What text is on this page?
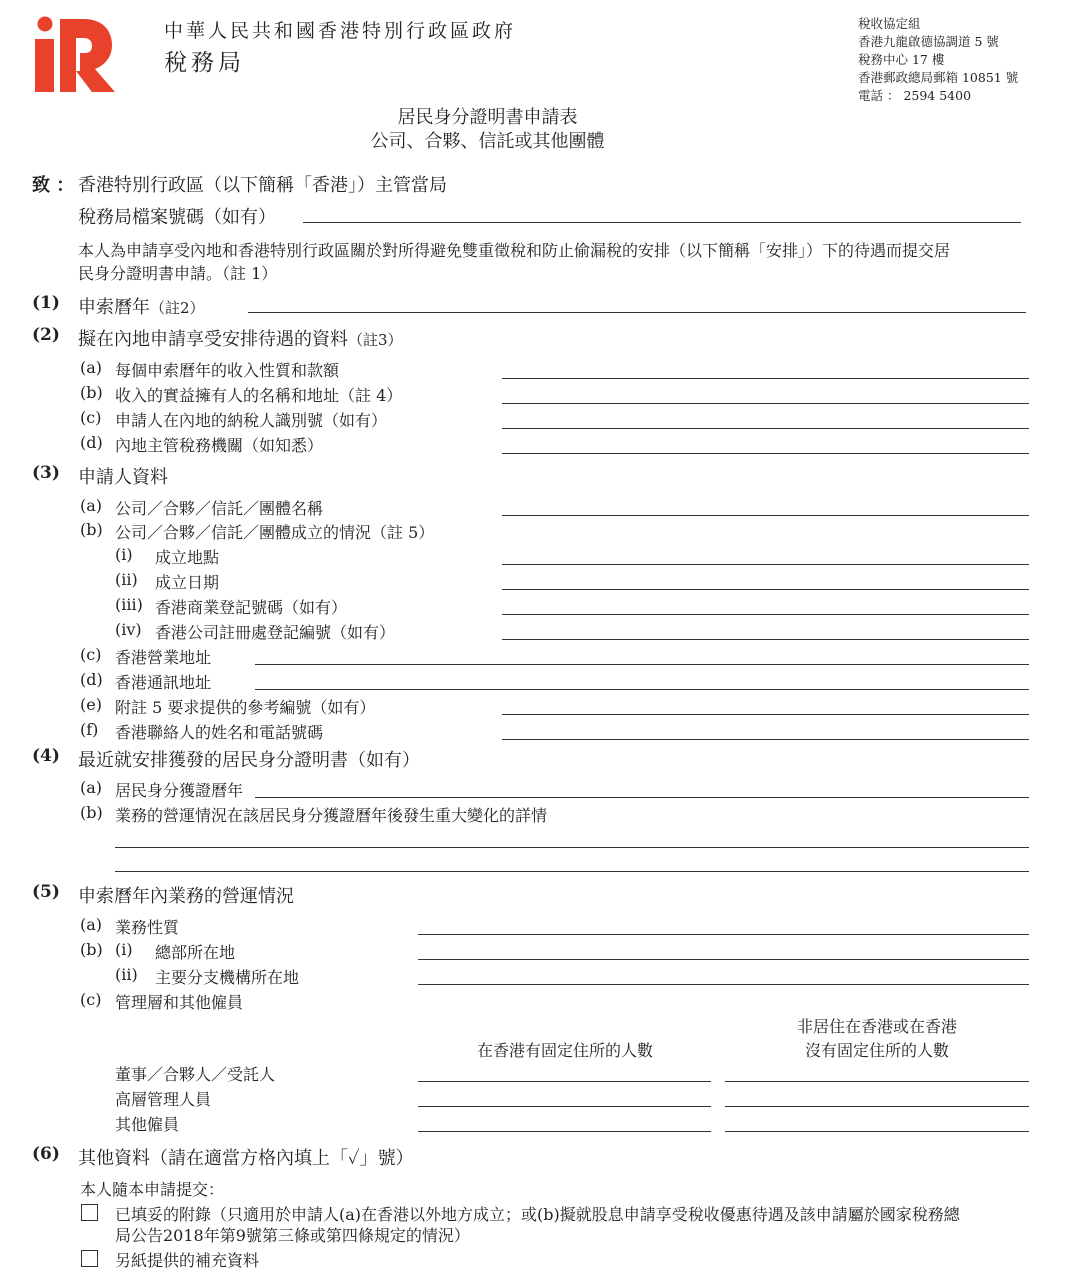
中華人民共和國香港特別行政區政府
稅務局
稅收協定組
香港九龍啟德協調道 5 號
稅務中心 17 樓
香港郵政總局郵箱 10851 號
電話 ： 2594 5400
居民身分證明書申請表
公司、合夥、信託或其他團體
致 ： 香港特別行政區（以下簡稱「香港」）主管當局
稅務局檔案號碼（如有）
本人為申請享受內地和香港特別行政區關於對所得避免雙重徵稅和防止偷漏稅的安排（以下簡稱「安排」）下的待遇而提交居
民身分證明書申請。（註 1）
(1) 申索曆年（註2）
(2) 擬在內地申請享受安排待遇的資料（註3）
(a) 每個申索曆年的收入性質和款額
(b) 收入的實益擁有人的名稱和地址（註 4）
(c) 申請人在內地的納稅人識別號（如有）
(d) 內地主管稅務機關（如知悉）
(3) 申請人資料
(a) 公司／合夥／信託／團體名稱
(b) 公司／合夥／信託／團體成立的情況（註 5）
(i) 成立地點
(ii) 成立日期
(iii) 香港商業登記號碼（如有）
(iv) 香港公司註冊處登記編號（如有）
(c) 香港營業地址
(d) 香港通訊地址
(e) 附註 5 要求提供的參考編號（如有）
(f) 香港聯絡人的姓名和電話號碼
(4) 最近就安排獲發的居民身分證明書（如有）
(a) 居民身分獲證曆年
(b) 業務的營運情況在該居民身分獲證曆年後發生重大變化的詳情
(5) 申索曆年內業務的營運情況
(a) 業務性質
(b) (i) 總部所在地
(ii) 主要分支機構所在地
(c) 管理層和其他僱員
在香港有固定住所的人數
非居住在香港或在香港
沒有固定住所的人數
董事／合夥人／受託人
高層管理人員
其他僱員
(6) 其他資料（請在適當方格內填上「✓」號）
本人隨本申請提交：
已填妥的附錄（只適用於申請人(a)在香港以外地方成立；或(b)擬就股息申請享受稅收優惠待遇及該申請屬於國家稅務總
局公告2018年第9號第三條或第四條規定的情況）
另紙提供的補充資料
